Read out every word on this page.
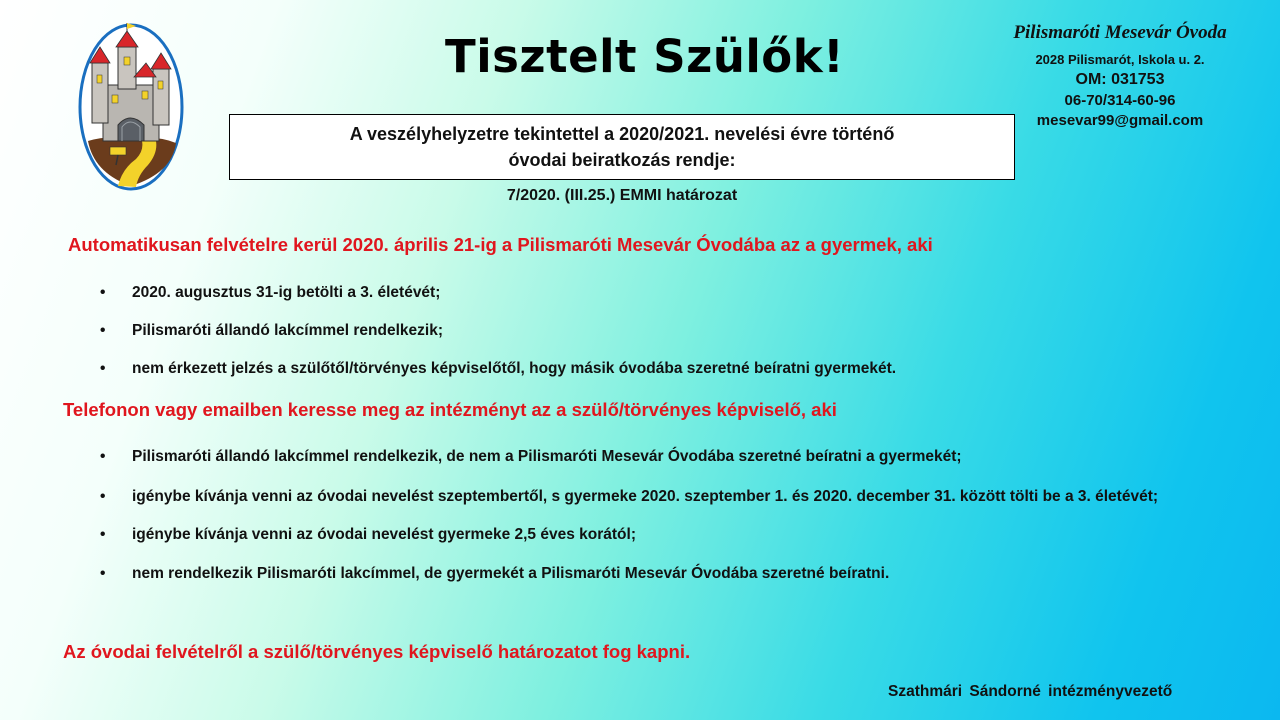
Tisztelt Szülők!	Pilismaróti Mesevár Óvoda
2028 Pilismarót, Iskola u. 2.
OM: 031753
06-70/314-60-96
mesevar99@gmail.com
A veszélyhelyzetre tekintettel a 2020/2021. nevelési évre történő
óvodai beiratkozás rendje:
7/2020. (III.25.) EMMI határozat
Automatikusan felvételre kerül 2020. április 21-ig a Pilismaróti Mesevár Óvodába az a gyermek, aki
• 2020. augusztus 31-ig betölti a 3. életévét;
• Pilismaróti állandó lakcímmel rendelkezik;
• nem érkezett jelzés a szülőtől/törvényes képviselőtől, hogy másik óvodába szeretné beíratni gyermekét.
Telefonon vagy emailben keresse meg az intézményt az a szülő/törvényes képviselő, aki
• Pilismaróti állandó lakcímmel rendelkezik, de nem a Pilismaróti Mesevár Óvodába szeretné beíratni a gyermekét;
• igénybe kívánja venni az óvodai nevelést szeptembertől, s gyermeke 2020. szeptember 1. és 2020. december 31. között tölti be a 3. életévét;
• igénybe kívánja venni az óvodai nevelést gyermeke 2,5 éves korától;
• nem rendelkezik Pilismaróti lakcímmel, de gyermekét a Pilismaróti Mesevár Óvodába szeretné beíratni.
Az óvodai felvételről a szülő/törvényes képviselő határozatot fog kapni.
Szathmári Sándorné intézményvezető
